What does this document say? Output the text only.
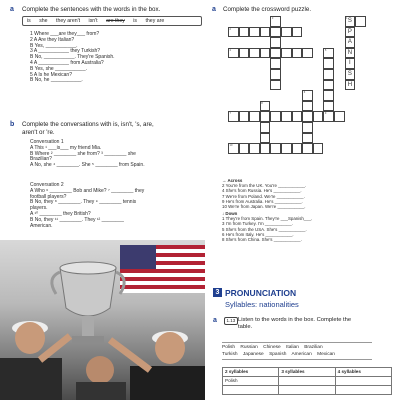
a Complete the sentences with the words in the box.
is she they aren't isn't are they is they are
1 Where ___are they___ from?
2 A Are they Italian?
B Yes, ___________.
3 A ___________ they Turkish?
B No, ___________. They're Spanish.
4 A ___________ from Australia?
B Yes, she ___________.
5 A Is he Mexican?
B No, he ___________.
b Complete the conversations with is, isn't, 's, are,
aren't or 're.
Conversation 1
A This ¹ ___is___ my friend Mia.
B Where ² ________ she from? ³ ________ she
Brazilian?
A No, she ⁴ ________. She ⁵ ________ from Spain.
Conversation 2
A Who ⁶ ________ Bob and Mike? ⁷ ________ they
football players?
B No, they ⁸ ________. They ⁹ ________ tennis
players.
A ¹⁰ ________ they British?
B No, they ¹¹ ________. They ¹² ________
American.
a Complete the crossword puzzle.
1 S
P
A
N
I
S
H
2
3
4	5
9
6
7
8
10
→ Across
2 You're from the UK. You're ___________.
4 She's from Russia. He's ___________.
7 We're from Poland. We're ___________.
9 He's from Australia. He's ___________.
10 We're from Japan. We're ___________.
↓ Down
1 They're from Spain. They're ___Spanish___.
3 I'm from Turkey. I'm ___________.
5 She's from the USA. She's ___________.
6 He's from Italy. He's ___________.
8 She's from China. She's ___________.
3 PRONUNCIATION
Syllables: nationalities
a	1.13 Listen to the words in the box. Complete the
table.
Polish Russian Chinese Italian Brazilian
Turkish Japanese Spanish American Mexican
2 syllables	3 syllables	4 syllables
Polish		
